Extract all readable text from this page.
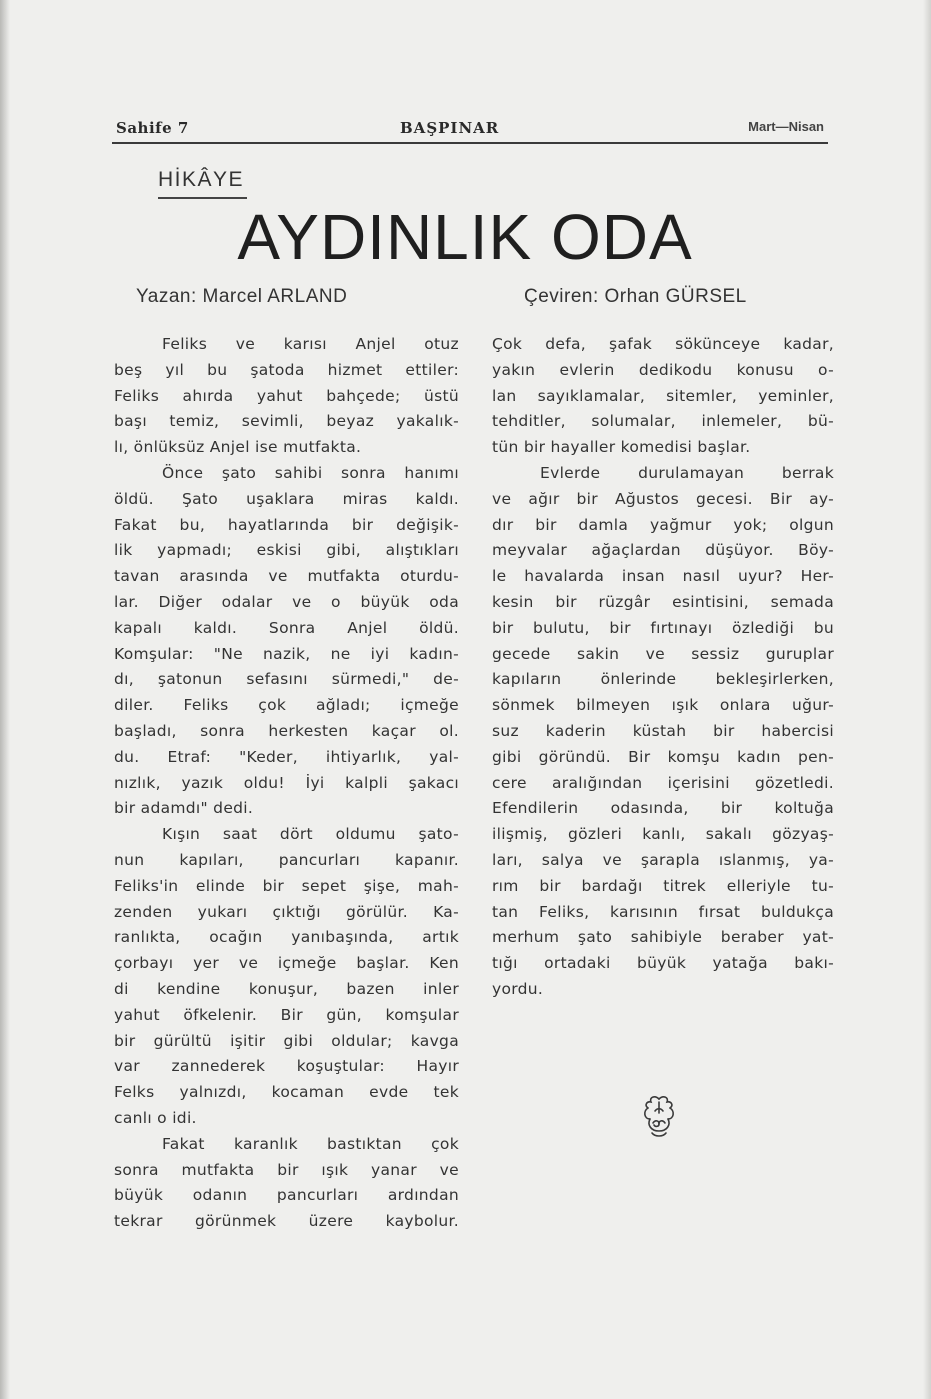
Sahife 7	BAŞPINAR	Mart—Nisan
HİKÂYE
AYDINLIK ODA
Yazan: Marcel ARLAND	Çeviren: Orhan GÜRSEL

Feliks ve karısı Anjel otuz

beş yıl bu şatoda hizmet ettiler:

Feliks ahırda yahut bahçede; üstü

başı temiz, sevimli, beyaz yakalık-

lı, önlüksüz Anjel ise mutfakta.

Önce şato sahibi sonra hanımı

öldü. Şato uşaklara miras kaldı.

Fakat bu, hayatlarında bir değişik-

lik yapmadı; eskisi gibi, alıştıkları

tavan arasında ve mutfakta oturdu-

lar. Diğer odalar ve o büyük oda

kapalı kaldı. Sonra Anjel öldü.

Komşular: "Ne nazik, ne iyi kadın-

dı, şatonun sefasını sürmedi," de-

diler. Feliks çok ağladı; içmeğe

başladı, sonra herkesten kaçar ol.

du. Etraf: "Keder, ihtiyarlık, yal-

nızlık, yazık oldu! İyi kalpli şakacı

bir adamdı" dedi.

Kışın saat dört oldumu şato-

nun kapıları, pancurları kapanır.

Feliks'in elinde bir sepet şişe, mah-

zenden yukarı çıktığı görülür. Ka-

ranlıkta, ocağın yanıbaşında, artık

çorbayı yer ve içmeğe başlar. Ken

di kendine konuşur, bazen inler

yahut öfkelenir. Bir gün, komşular

bir gürültü işitir gibi oldular; kavga

var zannederek koşuştular: Hayır

Felks yalnızdı, kocaman evde tek

canlı o idi.

Fakat karanlık bastıktan çok

sonra mutfakta bir ışık yanar ve

büyük odanın pancurları ardından

tekrar görünmek üzere kaybolur.

Çok defa, şafak sökünceye kadar,

yakın evlerin dedikodu konusu o-

lan sayıklamalar, sitemler, yeminler,

tehditler, solumalar, inlemeler, bü-

tün bir hayaller komedisi başlar.

Evlerde durulamayan berrak

ve ağır bir Ağustos gecesi. Bir ay-

dır bir damla yağmur yok; olgun

meyvalar ağaçlardan düşüyor. Böy-

le havalarda insan nasıl uyur? Her-

kesin bir rüzgâr esintisini, semada

bir bulutu, bir fırtınayı özlediği bu

gecede sakin ve sessiz guruplar

kapıların önlerinde bekleşirlerken,

sönmek bilmeyen ışık onlara uğur-

suz kaderin küstah bir habercisi

gibi göründü. Bir komşu kadın pen-

cere aralığından içerisini gözetledi.

Efendilerin odasında, bir koltuğa

ilişmiş, gözleri kanlı, sakalı gözyaş-

ları, salya ve şarapla ıslanmış, ya-

rım bir bardağı titrek elleriyle tu-

tan Feliks, karısının fırsat buldukça

merhum şato sahibiyle beraber yat-

tığı ortadaki büyük yatağa bakı-

yordu.
